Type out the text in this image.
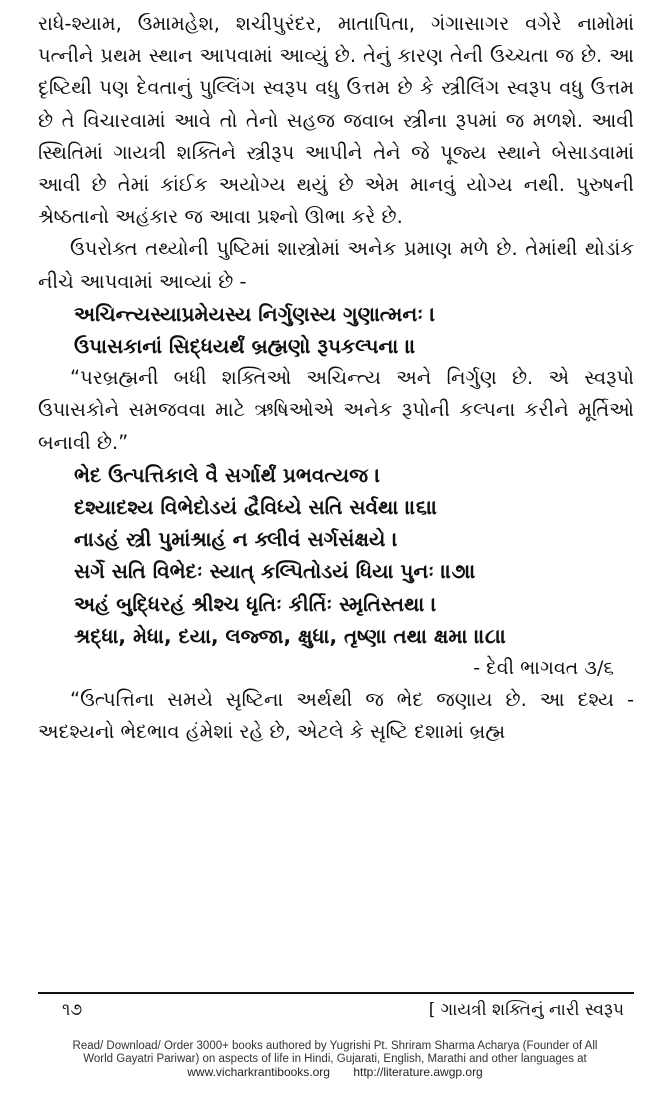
રાધે-શ્યામ, ઉમામહેશ, શચીપુરંદર, માતાપિતા, ગંગાસાગર વગેરે નામોમાં પત્નીને પ્રથમ સ્થાન આપવામાં આવ્યું છે. તેનું કારણ તેની ઉચ્ચતા જ છે. આ દૃષ્ટિથી પણ દેવતાનું પુલ્લિંગ સ્વરૂપ વધુ ઉત્તમ છે કે સ્ત્રીલિંગ સ્વરૂપ વધુ ઉત્તમ છે તે વિચારવામાં આવે તો તેનો સહજ જવાબ સ્ત્રીના રૂપમાં જ મળશે. આવી સ્થિતિમાં ગાયત્રી શક્તિને સ્ત્રીરૂપ આપીને તેને જે પૂજ્ય સ્થાને બેસાડવામાં આવી છે તેમાં કાંઈક અયોગ્ય થયું છે એમ માનવું યોગ્ય નથી. પુરુષની શ્રેષ્ઠતાનો અહંકાર જ આવા પ્રશ્નો ઊભા કરે છે.

ઉપરોક્ત તથ્યોની પુષ્ટિમાં શાસ્ત્રોમાં અનેક પ્રમાણ મળે છે. તેમાંથી થોડાંક નીચે આપવામાં આવ્યાં છે -

અચિન્ત્યસ્યાપ્રમેયસ્ય નિર્ગુણસ્ય ગુણાત્મનઃ ।

ઉપાસકાનાં સિદ્ધયર્થં બ્રહ્મણો રૂપકલ્પના ॥

“પરબ્રહ્મની બધી શક્તિઓ અચિન્ત્ય અને નિર્ગુણ છે. એ સ્વરૂપો ઉપાસકોને સમજવવા માટે ઋષિઓએ અનેક રૂપોની કલ્પના કરીને મૂર્તિઓ બનાવી છે.”

ભેદ ઉત્પત્તિકાલે વૈ સર્ગાર્થં પ્રભવત્યજ ।

દશ્યાદશ્ય વિભેદોડયં દ્વૈવિધ્યે સતિ સર્વથા ॥૬॥

નાડહં સ્ત્રી પુમાંશ્રાહં ન ક્લીવં સર્ગસંક્ષયે ।

સર્ગે સતિ વિભેદઃ સ્યાત્ કલ્પિતોડયં ધિયા પુનઃ ॥૭॥

અહં બુદ્ધિરહં શ્રીશ્ચ ધૃતિઃ કીર્તિઃ સ્મૃતિસ્તથા ।

શ્રદ્ધા, મેધા, દયા, લજ્જા, ક્ષુધા, તૃષ્ણા તથા ક્ષમા ॥૮॥

- દેવી ભાગવત ૩/૬

“ઉત્પત્તિના સમયે સૃષ્ટિના અર્થથી જ ભેદ જણાય છે. આ દશ્ય - અદશ્યનો ભેદભાવ હંમેશાં રહે છે, એટલે કે સૃષ્ટિ દશામાં બ્રહ્મ

૧૭	[ ગાયત્રી શક્તિનું નારી સ્વરૂપ
Read/ Download/ Order 3000+ books authored by Yugrishi Pt. Shriram Sharma Acharya (Founder of All
World Gayatri Pariwar) on aspects of life in Hindi, Gujarati, English, Marathi and other languages at
www.vicharkrantibooks.org http://literature.awgp.org
